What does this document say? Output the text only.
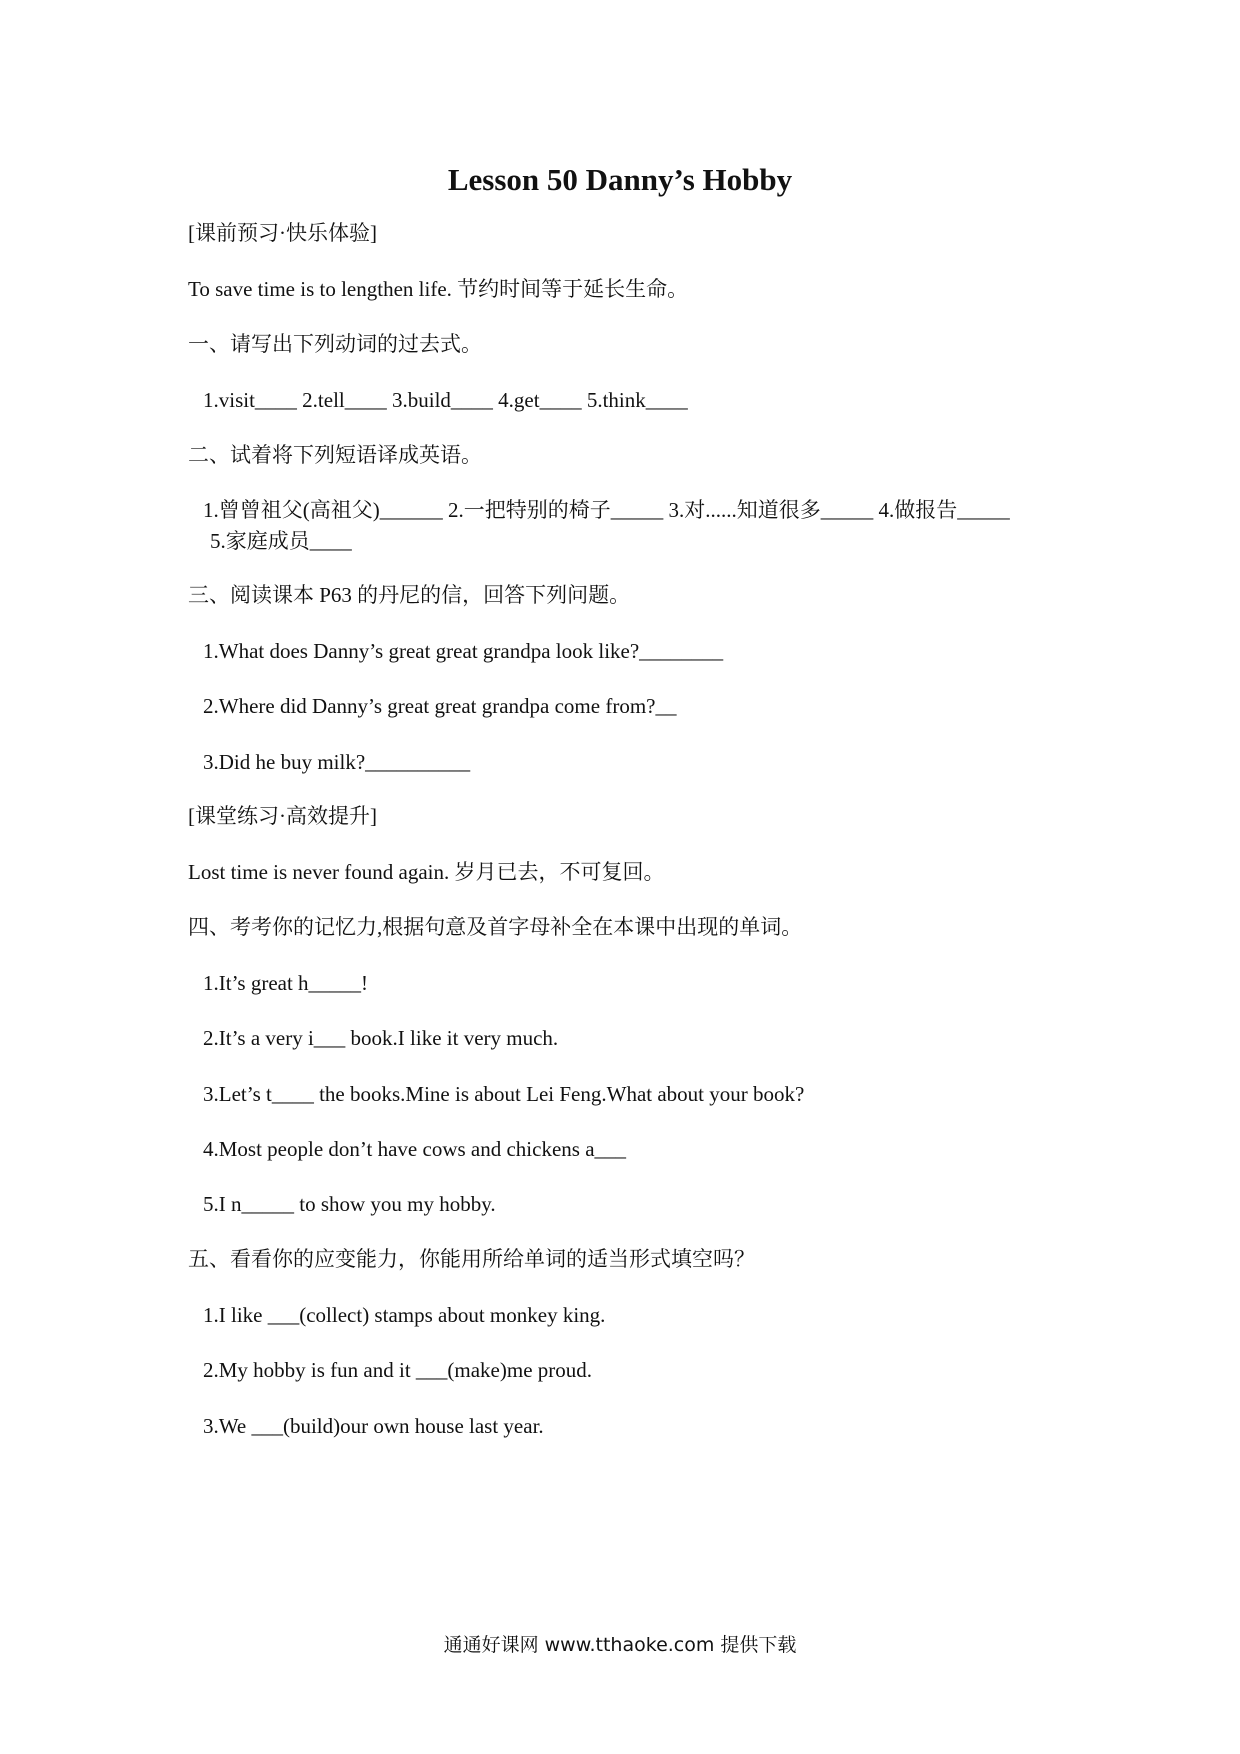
Lesson 50 Danny’s Hobby
[课前预习·快乐体验]
To save time is to lengthen life. 节约时间等于延长生命。
一、请写出下列动词的过去式。
1.visit____ 2.tell____ 3.build____ 4.get____ 5.think____
二、试着将下列短语译成英语。
1.曾曾祖父(高祖父)______ 2.一把特别的椅子_____ 3.对......知道很多_____ 4.做报告_____
5.家庭成员____
三、阅读课本 P63 的丹尼的信，回答下列问题。
1.What does Danny’s great great grandpa look like?________
2.Where did Danny’s great great grandpa come from?__
3.Did he buy milk?__________
[课堂练习·高效提升]
Lost time is never found again. 岁月已去，不可复回。
四、考考你的记忆力,根据句意及首字母补全在本课中出现的单词。
1.It’s great h_____!
2.It’s a very i___ book.I like it very much.
3.Let’s t____ the books.Mine is about Lei Feng.What about your book?
4.Most people don’t have cows and chickens a___
5.I n_____ to show you my hobby.
五、看看你的应变能力，你能用所给单词的适当形式填空吗？
1.I like ___(collect) stamps about monkey king.
2.My hobby is fun and it ___(make)me proud.
3.We ___(build)our own house last year.
通通好课网 www.tthaoke.com 提供下载
